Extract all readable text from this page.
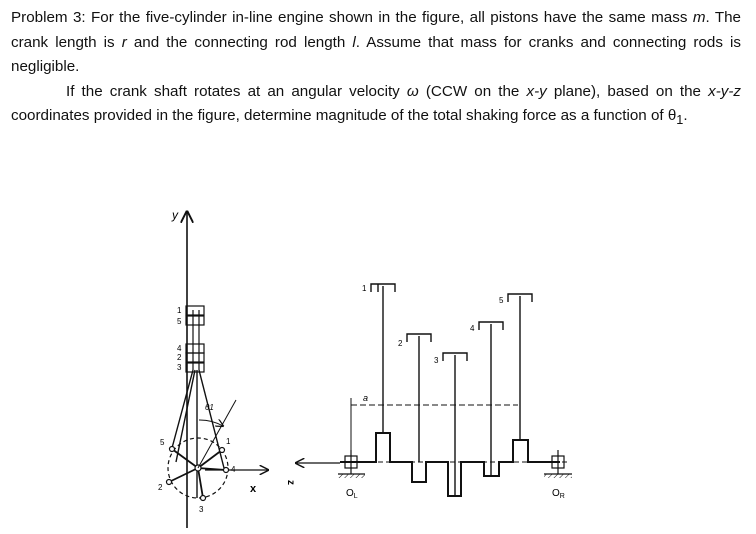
Problem 3: For the five-cylinder in-line engine shown in the figure, all pistons have the same mass m. The crank length is r and the connecting rod length l. Assume that mass for cranks and connecting rods is negligible.

If the crank shaft rotates at an angular velocity ω (CCW on the x-y plane), based on the x-y-z coordinates provided in the figure, determine magnitude of the total shaking force as a function of $\theta_1$.

y
x
1
5
4
2
3
θ1
1
5
2
3
4
z
$O_L$	$O_R$
a
1
2
3
4
5
